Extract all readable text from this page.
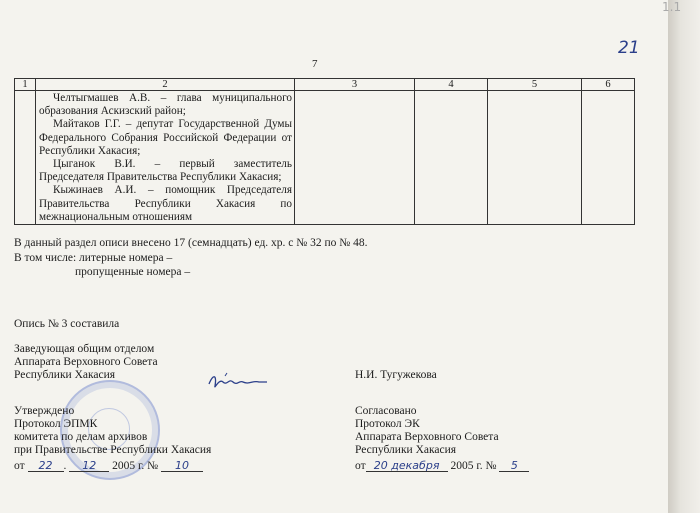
1.1
21
7
1	2	3	4	5	6

	Челтыгмашев А.В. – глава муниципального образования Аскизский район;

Майтаков Г.Г. – депутат Государственной Думы Федерального Собрания Российской Федерации от Республики Хакасия;

Цыганок В.И. – первый заместитель Председателя Правительства Республики Хакасия;

Кыжинаев А.И. – помощник Председателя Правительства Республики Хакасия по межнациональным отношениям				

В данный раздел описи внесено 17 (семнадцать) ед. хр. с № 32 по № 48.
В том числе: литерные номера –
пропущенные номера –
Опись № 3 составила
Заведующая общим отделом
Аппарата Верховного Совета
Республики Хакасия	Н.И. Тугужекова
Утверждено
Протокол ЭПМК
комитета по делам архивов
при Правительстве Республики Хакасия
от 22 . 12 2005 г. № 10
Согласовано
Протокол ЭК
Аппарата Верховного Совета
Республики Хакасия
от 20 декабря 2005 г. № 5
